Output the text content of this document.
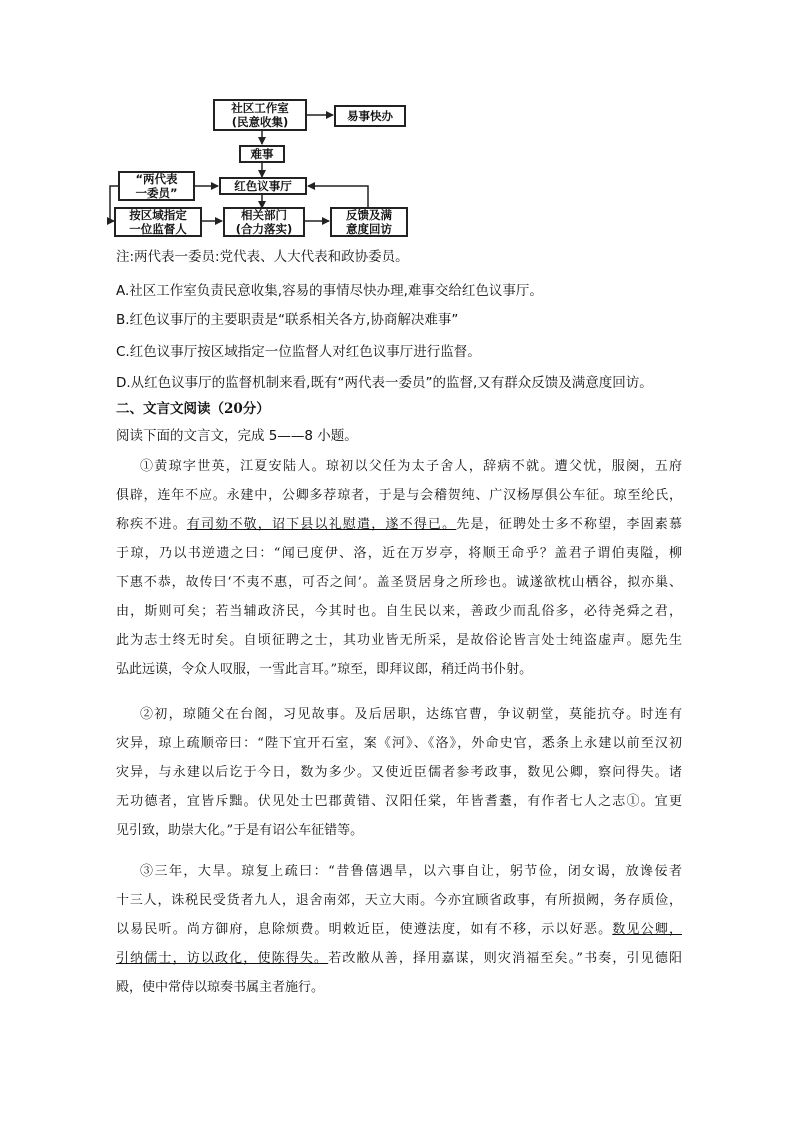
社区工作室
(民意收集)	易事快办
难事
“两代表
一委员”	红色议事厅
按区域指定
一位监督人
相关部门
(合力落实)
反馈及满
意度回访
注:两代表一委员:党代表、人大代表和政协委员。
A.社区工作室负责民意收集,容易的事情尽快办理,难事交给红色议事厅。
B.红色议事厅的主要职责是“联系相关各方,协商解决难事”
C.红色议事厅按区域指定一位监督人对红色议事厅进行监督。
D.从红色议事厅的监督机制来看,既有“两代表一委员”的监督,又有群众反馈及满意度回访。
二、文言文阅读（20分）
阅读下面的文言文，完成 5——8 小题。
①黄琼字世英，江夏安陆人。琼初以父任为太子舍人，辞病不就。遭父忧，服阕，五府
俱辟，连年不应。永建中，公卿多荐琼者，于是与会稽贺纯、广汉杨厚俱公车征。琼至纶氏，
称疾不进。有司劾不敬，诏下县以礼慰遣，遂不得已。先是，征聘处士多不称望，李固素慕
于琼，乃以书逆遗之曰：“闻已度伊、洛，近在万岁亭，将顺王命乎？盖君子谓伯夷隘，柳
下惠不恭，故传曰‘不夷不惠，可否之间’。盖圣贤居身之所珍也。诚遂欲枕山栖谷，拟亦巢、
由，斯则可矣；若当辅政济民，今其时也。自生民以来，善政少而乱俗多，必待尧舜之君，
此为志士终无时矣。自顷征聘之士，其功业皆无所采，是故俗论皆言处士纯盗虚声。愿先生
弘此远谟，令众人叹服，一雪此言耳。”琼至，即拜议郎，稍迁尚书仆射。
②初，琼随父在台阁，习见故事。及后居职，达练官曹，争议朝堂，莫能抗夺。时连有
灾异，琼上疏顺帝曰：“陛下宜开石室，案《河》、《洛》，外命史官，悉条上永建以前至汉初
灾异，与永建以后讫于今日，数为多少。又使近臣儒者参考政事，数见公卿，察问得失。诸
无功德者，宜皆斥黜。伏见处士巴郡黄错、汉阳任棠，年皆耆耋，有作者七人之志①。宜更
见引致，助崇大化。”于是有诏公车征错等。
③三年，大旱。琼复上疏曰：“昔鲁僖遇旱，以六事自让，躬节俭，闭女谒，放谗佞者
十三人，诛税民受货者九人，退舍南郊，天立大雨。今亦宜顾省政事，有所损阙，务存质俭，
以易民听。尚方御府，息除烦费。明敕近臣，使遵法度，如有不移，示以好恶。数见公卿，
引纳儒士，访以政化，使陈得失。若改敝从善，择用嘉谋，则灾消福至矣。”书奏，引见德阳
殿，使中常侍以琼奏书属主者施行。
